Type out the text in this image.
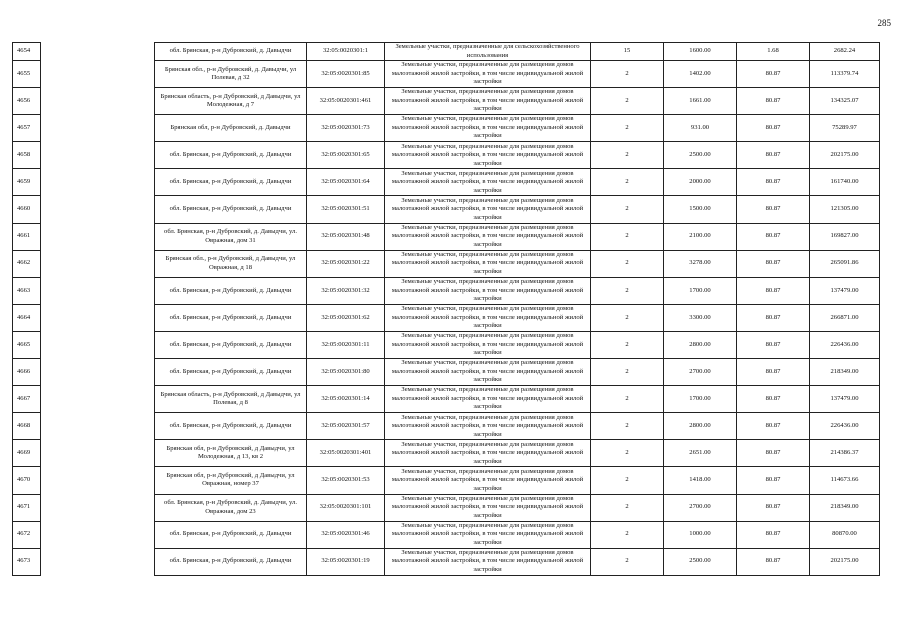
285
4654		обл. Брянская, р-н Дубровский, д. Давыдчи	32:05:0020301:1	Земельные участки, предназначенные для сельскохозяйственного использования	15	1600.00	1.68	2682.24
4655		Брянская обл., р-н Дубровский, д. Давыдчи, ул Полевая, д 32	32:05:0020301:85	Земельные участки, предназначенные для размещения домов малоэтажной жилой застройки, в том числе индивидуальной жилой застройки	2	1402.00	80.87	113379.74
4656		Брянская область, р-н Дубровский, д Давыдчи, ул Молодежная, д 7	32:05:0020301:461	Земельные участки, предназначенные для размещения домов малоэтажной жилой застройки, в том числе индивидуальной жилой застройки	2	1661.00	80.87	134325.07
4657		Брянская обл, р-н Дубровский, д. Давыдчи	32:05:0020301:73	Земельные участки, предназначенные для размещения домов малоэтажной жилой застройки, в том числе индивидуальной жилой застройки	2	931.00	80.87	75289.97
4658		обл. Брянская, р-н Дубровский, д. Давыдчи	32:05:0020301:65	Земельные участки, предназначенные для размещения домов малоэтажной жилой застройки, в том числе индивидуальной жилой застройки	2	2500.00	80.87	202175.00
4659		обл. Брянская, р-н Дубровский, д. Давыдчи	32:05:0020301:64	Земельные участки, предназначенные для размещения домов малоэтажной жилой застройки, в том числе индивидуальной жилой застройки	2	2000.00	80.87	161740.00
4660		обл. Брянская, р-н Дубровский, д. Давыдчи	32:05:0020301:51	Земельные участки, предназначенные для размещения домов малоэтажной жилой застройки, в том числе индивидуальной жилой застройки	2	1500.00	80.87	121305.00
4661		обл. Брянская, р-н Дубровский, д. Давыдчи, ул. Овражная, дом 31	32:05:0020301:48	Земельные участки, предназначенные для размещения домов малоэтажной жилой застройки, в том числе индивидуальной жилой застройки	2	2100.00	80.87	169827.00
4662		Брянская обл., р-н Дубровский, д Давыдчи, ул Овражная, д 18	32:05:0020301:22	Земельные участки, предназначенные для размещения домов малоэтажной жилой застройки, в том числе индивидуальной жилой застройки	2	3278.00	80.87	265091.86
4663		обл. Брянская, р-н Дубровский, д. Давыдчи	32:05:0020301:32	Земельные участки, предназначенные для размещения домов малоэтажной жилой застройки, в том числе индивидуальной жилой застройки	2	1700.00	80.87	137479.00
4664		обл. Брянская, р-н Дубровский, д. Давыдчи	32:05:0020301:62	Земельные участки, предназначенные для размещения домов малоэтажной жилой застройки, в том числе индивидуальной жилой застройки	2	3300.00	80.87	266871.00
4665		обл. Брянская, р-н Дубровский, д. Давыдчи	32:05:0020301:11	Земельные участки, предназначенные для размещения домов малоэтажной жилой застройки, в том числе индивидуальной жилой застройки	2	2800.00	80.87	226436.00
4666		обл. Брянская, р-н Дубровский, д. Давыдчи	32:05:0020301:80	Земельные участки, предназначенные для размещения домов малоэтажной жилой застройки, в том числе индивидуальной жилой застройки	2	2700.00	80.87	218349.00
4667		Брянская область, р-н Дубровский, д Давыдчи, ул Полевая, д 8	32:05:0020301:14	Земельные участки, предназначенные для размещения домов малоэтажной жилой застройки, в том числе индивидуальной жилой застройки	2	1700.00	80.87	137479.00
4668		обл. Брянская, р-н Дубровский, д. Давыдчи	32:05:0020301:57	Земельные участки, предназначенные для размещения домов малоэтажной жилой застройки, в том числе индивидуальной жилой застройки	2	2800.00	80.87	226436.00
4669		Брянская обл, р-н Дубровский, д Давыдчи, ул Молодежная, д 13, кв 2	32:05:0020301:401	Земельные участки, предназначенные для размещения домов малоэтажной жилой застройки, в том числе индивидуальной жилой застройки	2	2651.00	80.87	214386.37
4670		Брянская обл, р-н Дубровский, д Давыдчи, ул Овражная, номер 37	32:05:0020301:53	Земельные участки, предназначенные для размещения домов малоэтажной жилой застройки, в том числе индивидуальной жилой застройки	2	1418.00	80.87	114673.66
4671		обл. Брянская, р-н Дубровский, д. Давыдчи, ул. Овражная, дом 23	32:05:0020301:101	Земельные участки, предназначенные для размещения домов малоэтажной жилой застройки, в том числе индивидуальной жилой застройки	2	2700.00	80.87	218349.00
4672		обл. Брянская, р-н Дубровский, д. Давыдчи	32:05:0020301:46	Земельные участки, предназначенные для размещения домов малоэтажной жилой застройки, в том числе индивидуальной жилой застройки	2	1000.00	80.87	80870.00
4673		обл. Брянская, р-н Дубровский, д. Давыдчи	32:05:0020301:19	Земельные участки, предназначенные для размещения домов малоэтажной жилой застройки, в том числе индивидуальной жилой застройки	2	2500.00	80.87	202175.00
